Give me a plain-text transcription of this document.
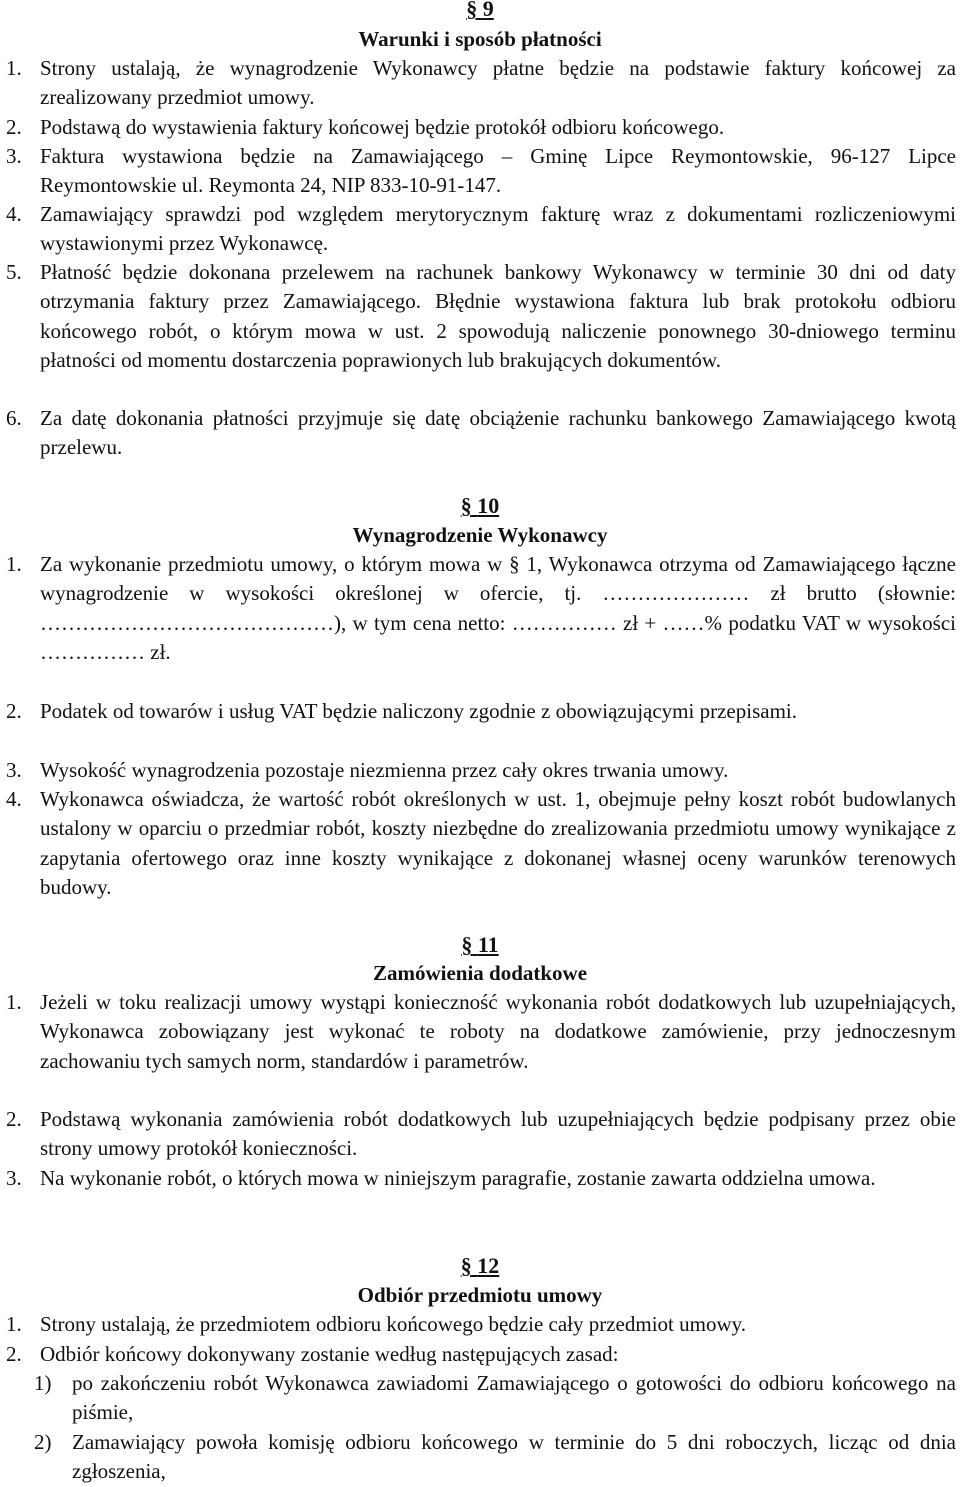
§ 9
Warunki i sposób płatności
1. Strony ustalają, że wynagrodzenie Wykonawcy płatne będzie na podstawie faktury końcowej za zrealizowany przedmiot umowy.
2. Podstawą do wystawienia faktury końcowej będzie protokół odbioru końcowego.
3. Faktura wystawiona będzie na Zamawiającego – Gminę Lipce Reymontowskie, 96-127 Lipce Reymontowskie ul. Reymonta 24, NIP 833-10-91-147.
4. Zamawiający sprawdzi pod względem merytorycznym fakturę wraz z dokumentami rozliczeniowymi wystawionymi przez Wykonawcę.
5. Płatność będzie dokonana przelewem na rachunek bankowy Wykonawcy w terminie 30 dni od daty otrzymania faktury przez Zamawiającego. Błędnie wystawiona faktura lub brak protokołu odbioru końcowego robót, o którym mowa w ust. 2 spowodują naliczenie ponownego 30-dniowego terminu płatności od momentu dostarczenia poprawionych lub brakujących dokumentów.
6. Za datę dokonania płatności przyjmuje się datę obciążenie rachunku bankowego Zamawiającego kwotą przelewu.
§ 10
Wynagrodzenie Wykonawcy
1. Za wykonanie przedmiotu umowy, o którym mowa w § 1, Wykonawca otrzyma od Zamawiającego łączne wynagrodzenie w wysokości określonej w ofercie, tj. ………………… zł brutto (słownie: ……………………………………), w tym cena netto: …………… zł + ……% podatku VAT w wysokości …………… zł.
2. Podatek od towarów i usług VAT będzie naliczony zgodnie z obowiązującymi przepisami.
3. Wysokość wynagrodzenia pozostaje niezmienna przez cały okres trwania umowy.
4. Wykonawca oświadcza, że wartość robót określonych w ust. 1, obejmuje pełny koszt robót budowlanych ustalony w oparciu o przedmiar robót, koszty niezbędne do zrealizowania przedmiotu umowy wynikające z zapytania ofertowego oraz inne koszty wynikające z dokonanej własnej oceny warunków terenowych budowy.
§ 11
Zamówienia dodatkowe
1. Jeżeli w toku realizacji umowy wystąpi konieczność wykonania robót dodatkowych lub uzupełniających, Wykonawca zobowiązany jest wykonać te roboty na dodatkowe zamówienie, przy jednoczesnym zachowaniu tych samych norm, standardów i parametrów.
2. Podstawą wykonania zamówienia robót dodatkowych lub uzupełniających będzie podpisany przez obie strony umowy protokół konieczności.
3. Na wykonanie robót, o których mowa w niniejszym paragrafie, zostanie zawarta oddzielna umowa.
§ 12
Odbiór przedmiotu umowy
1. Strony ustalają, że przedmiotem odbioru końcowego będzie cały przedmiot umowy.
2. Odbiór końcowy dokonywany zostanie według następujących zasad:
1) po zakończeniu robót Wykonawca zawiadomi Zamawiającego o gotowości do odbioru końcowego na piśmie,
2) Zamawiający powoła komisję odbioru końcowego w terminie do 5 dni roboczych, licząc od dnia zgłoszenia,
